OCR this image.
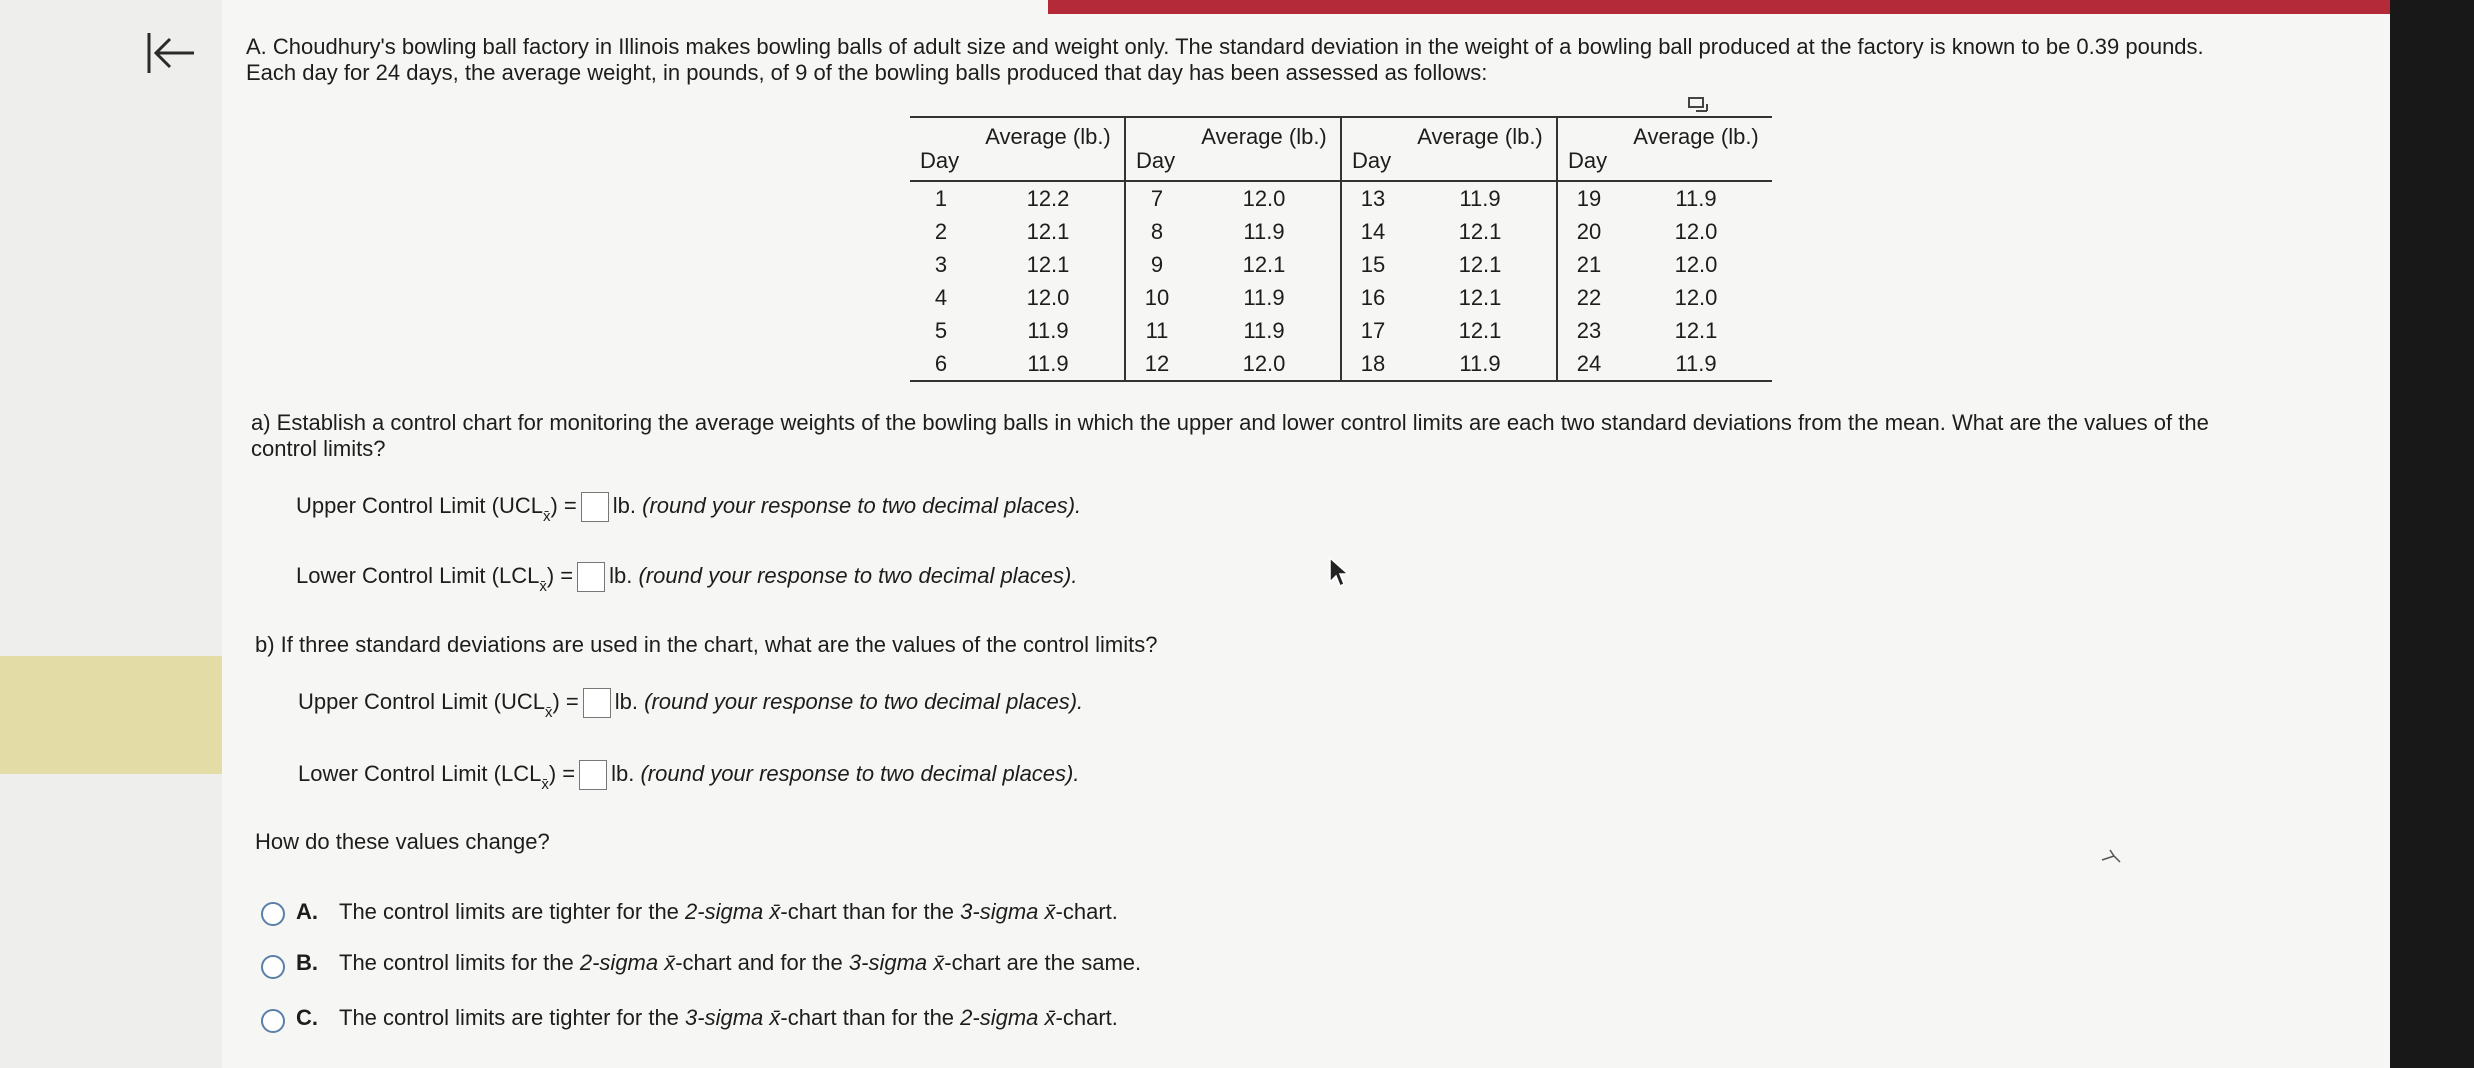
A. Choudhury's bowling ball factory in Illinois makes bowling balls of adult size and weight only. The standard deviation in the weight of a bowling ball produced at the factory is known to be 0.39 pounds.
Each day for 24 days, the average weight, in pounds, of 9 of the bowling balls produced that day has been assessed as follows:

Day	Average (lb.)	Day	Average (lb.)	Day	Average (lb.)	Day	Average (lb.)

1	12.2	7	12.0	13	11.9	19	11.9
2	12.1	8	11.9	14	12.1	20	12.0
3	12.1	9	12.1	15	12.1	21	12.0
4	12.0	10	11.9	16	12.1	22	12.0
5	11.9	11	11.9	17	12.1	23	12.1
6	11.9	12	12.0	18	11.9	24	11.9

a) Establish a control chart for monitoring the average weights of the bowling balls in which the upper and lower control limits are each two standard deviations from the mean. What are the values of the
control limits?

Upper Control Limit $(UCL_{x̄})$ = lb. (round your response to two decimal places).

Lower Control Limit $(LCL_{x̄})$ = lb. (round your response to two decimal places).

b) If three standard deviations are used in the chart, what are the values of the control limits?

Upper Control Limit $(UCL_{x̄})$ = lb. (round your response to two decimal places).

Lower Control Limit $(LCL_{x̄})$ = lb. (round your response to two decimal places).

How do these values change?

A. The control limits are tighter for the 2-sigma x̄-chart than for the 3-sigma x̄-chart.

B. The control limits for the 2-sigma x̄-chart and for the 3-sigma x̄-chart are the same.

C. The control limits are tighter for the 3-sigma x̄-chart than for the 2-sigma x̄-chart.
